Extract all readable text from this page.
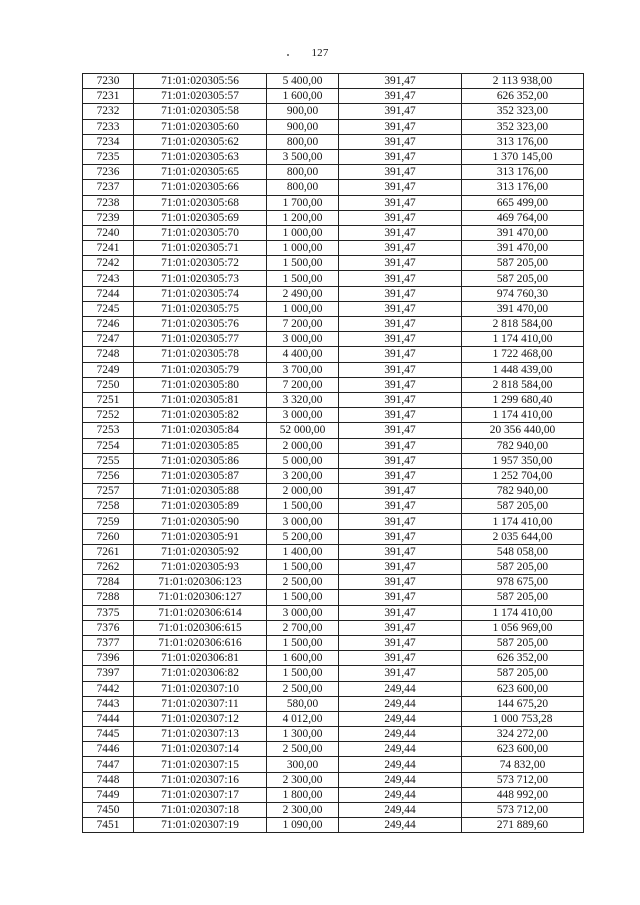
127
7230	71:01:020305:56	5 400,00	391,47	2 113 938,00
7231	71:01:020305:57	1 600,00	391,47	626 352,00
7232	71:01:020305:58	900,00	391,47	352 323,00
7233	71:01:020305:60	900,00	391,47	352 323,00
7234	71:01:020305:62	800,00	391,47	313 176,00
7235	71:01:020305:63	3 500,00	391,47	1 370 145,00
7236	71:01:020305:65	800,00	391,47	313 176,00
7237	71:01:020305:66	800,00	391,47	313 176,00
7238	71:01:020305:68	1 700,00	391,47	665 499,00
7239	71:01:020305:69	1 200,00	391,47	469 764,00
7240	71:01:020305:70	1 000,00	391,47	391 470,00
7241	71:01:020305:71	1 000,00	391,47	391 470,00
7242	71:01:020305:72	1 500,00	391,47	587 205,00
7243	71:01:020305:73	1 500,00	391,47	587 205,00
7244	71:01:020305:74	2 490,00	391,47	974 760,30
7245	71:01:020305:75	1 000,00	391,47	391 470,00
7246	71:01:020305:76	7 200,00	391,47	2 818 584,00
7247	71:01:020305:77	3 000,00	391,47	1 174 410,00
7248	71:01:020305:78	4 400,00	391,47	1 722 468,00
7249	71:01:020305:79	3 700,00	391,47	1 448 439,00
7250	71:01:020305:80	7 200,00	391,47	2 818 584,00
7251	71:01:020305:81	3 320,00	391,47	1 299 680,40
7252	71:01:020305:82	3 000,00	391,47	1 174 410,00
7253	71:01:020305:84	52 000,00	391,47	20 356 440,00
7254	71:01:020305:85	2 000,00	391,47	782 940,00
7255	71:01:020305:86	5 000,00	391,47	1 957 350,00
7256	71:01:020305:87	3 200,00	391,47	1 252 704,00
7257	71:01:020305:88	2 000,00	391,47	782 940,00
7258	71:01:020305:89	1 500,00	391,47	587 205,00
7259	71:01:020305:90	3 000,00	391,47	1 174 410,00
7260	71:01:020305:91	5 200,00	391,47	2 035 644,00
7261	71:01:020305:92	1 400,00	391,47	548 058,00
7262	71:01:020305:93	1 500,00	391,47	587 205,00
7284	71:01:020306:123	2 500,00	391,47	978 675,00
7288	71:01:020306:127	1 500,00	391,47	587 205,00
7375	71:01:020306:614	3 000,00	391,47	1 174 410,00
7376	71:01:020306:615	2 700,00	391,47	1 056 969,00
7377	71:01:020306:616	1 500,00	391,47	587 205,00
7396	71:01:020306:81	1 600,00	391,47	626 352,00
7397	71:01:020306:82	1 500,00	391,47	587 205,00
7442	71:01:020307:10	2 500,00	249,44	623 600,00
7443	71:01:020307:11	580,00	249,44	144 675,20
7444	71:01:020307:12	4 012,00	249,44	1 000 753,28
7445	71:01:020307:13	1 300,00	249,44	324 272,00
7446	71:01:020307:14	2 500,00	249,44	623 600,00
7447	71:01:020307:15	300,00	249,44	74 832,00
7448	71:01:020307:16	2 300,00	249,44	573 712,00
7449	71:01:020307:17	1 800,00	249,44	448 992,00
7450	71:01:020307:18	2 300,00	249,44	573 712,00
7451	71:01:020307:19	1 090,00	249,44	271 889,60
